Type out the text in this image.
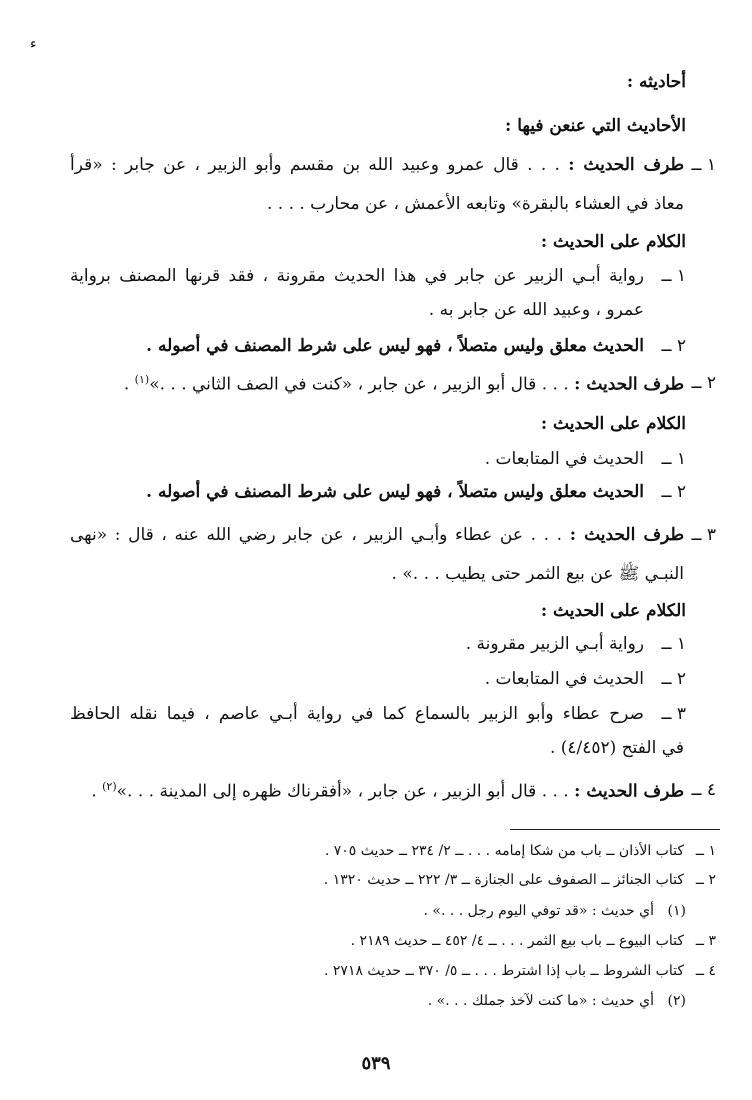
ء
أحاديثه :
الأحاديث التي عنعن فيها :
١ ــ
طرف الحديث : . . . قال عمرو وعبيد الله بن مقسم وأبو الزبير ، عن جابر : «قرأ
معاذ في العشاء بالبقرة» وتابعه الأعمش ، عن محارب . . . .
الكلام على الحديث :
١ ــ
رواية أبـي الزبير عن جابر في هذا الحديث مقرونة ، فقد قرنها المصنف برواية
عمرو ، وعبيد الله عن جابر به .
٢ ــ
الحديث معلق وليس متصلاً ، فهو ليس على شرط المصنف في أصوله .
٢ ــ
طرف الحديث : . . . قال أبو الزبير ، عن جابر ، «كنت في الصف الثاني . . .»$^{(١)}$ .
الكلام على الحديث :
١ ــ
الحديث في المتابعات .
٢ ــ
الحديث معلق وليس متصلاً ، فهو ليس على شرط المصنف في أصوله .
٣ ــ
طرف الحديث : . . . عن عطاء وأبـي الزبير ، عن جابر رضي الله عنه ، قال : «نهى
النبـي ﷺ عن بيع الثمر حتى يطيب . . .» .
الكلام على الحديث :
١ ــ
رواية أبـي الزبير مقرونة .
٢ ــ
الحديث في المتابعات .
٣ ــ
صرح عطاء وأبو الزبير بالسماع كما في رواية أبـي عاصم ، فيما نقله الحافظ
في الفتح (٤/٤٥٢) .
٤ ــ
طرف الحديث : . . . قال أبو الزبير ، عن جابر ، «أفقرناك ظهره إلى المدينة . . .»$^{(٢)}$ .
١ ــ
كتاب الأذان ــ باب من شكا إمامه . . . ــ ٢/ ٢٣٤ ــ حديث ٧٠٥ .
٢ ــ
كتاب الجنائز ــ الصفوف على الجنازة ــ ٣/ ٢٢٢ ــ حديث ١٣٢٠ .
(١)
أي حديث : «قد توفي اليوم رجل . . .» .
٣ ــ
كتاب البيوع ــ باب بيع الثمر . . . ــ ٤/ ٤٥٢ ــ حديث ٢١٨٩ .
٤ ــ
كتاب الشروط ــ باب إذا اشترط . . . ــ ٥/ ٣٧٠ ــ حديث ٢٧١٨ .
(٢)
أي حديث : «ما كنت لآخذ جملك . . .» .
٥٣٩
